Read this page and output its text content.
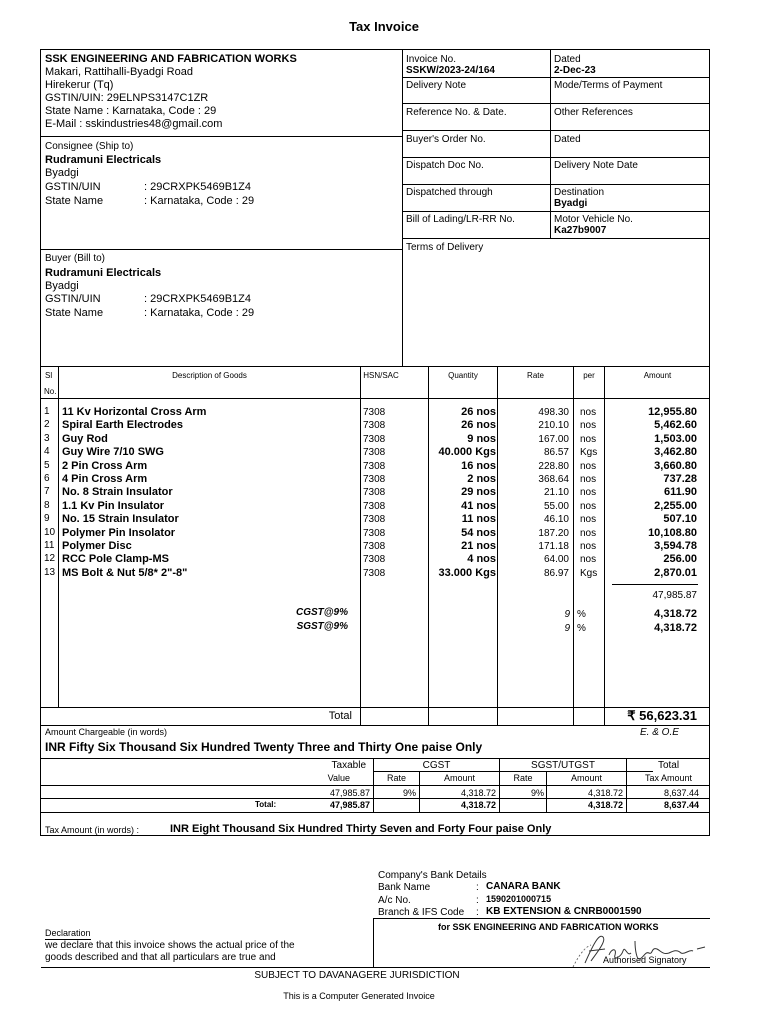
Tax Invoice
SSK ENGINEERING AND FABRICATION WORKS
Makari, Rattihalli-Byadgi Road
Hirekerur (Tq)
GSTIN/UIN: 29ELNPS3147C1ZR
State Name : Karnataka, Code : 29
E-Mail : sskindustries48@gmail.com
Consignee (Ship to)
Rudramuni Electricals
Byadgi
GSTIN/UIN	: 29CRXPK5469B1Z4
State Name	: Karnataka, Code : 29
Buyer (Bill to)
Rudramuni Electricals
Byadgi
GSTIN/UIN	: 29CRXPK5469B1Z4
State Name	: Karnataka, Code : 29
Invoice No.
SSKW/2023-24/164
Dated
2-Dec-23
Delivery Note	Mode/Terms of Payment
Reference No. & Date.	Other References
Buyer's Order No.	Dated
Dispatch Doc No.	Delivery Note Date
Dispatched through	Destination
Byadgi
Bill of Lading/LR-RR No.	Motor Vehicle No.
Ka27b9007
Terms of Delivery
Sl
No.
Description of Goods	HSN/SAC	Quantity	Rate	per	Amount
1 11 Kv Horizontal Cross Arm	7308	26 nos	498.30 nos	12,955.80
2 Spiral Earth Electrodes	7308	26 nos	210.10 nos	5,462.60
3 Guy Rod	7308	9 nos	167.00 nos	1,503.00
4 Guy Wire 7/10 SWG	7308	40.000 Kgs	86.57 Kgs	3,462.80
5 2 Pin Cross Arm	7308	16 nos	228.80 nos	3,660.80
6 4 Pin Cross Arm	7308	2 nos	368.64 nos	737.28
7 No. 8 Strain Insulator	7308	29 nos	21.10 nos	611.90
8 1.1 Kv Pin Insulator	7308	41 nos	55.00 nos	2,255.00
9 No. 15 Strain Insulator	7308	11 nos	46.10 nos	507.10
10 Polymer Pin Insolator	7308	54 nos	187.20 nos	10,108.80
11 Polymer Disc	7308	21 nos	171.18 nos	3,594.78
12 RCC Pole Clamp-MS	7308	4 nos	64.00 nos	256.00
13 MS Bolt & Nut 5/8* 2"-8"	7308	33.000 Kgs	86.97 Kgs	2,870.01
47,985.87
CGST@9%	9 %	4,318.72
SGST@9%	9 %	4,318.72
Total	₹ 56,623.31
Amount Chargeable (in words)	E. & O.E
INR Fifty Six Thousand Six Hundred Twenty Three and Thirty One paise Only
Taxable
Value
CGST	SGST/UTGST	Total
Rate	Amount	Rate	Amount	Tax Amount
47,985.87	9%	4,318.72	9%	4,318.72	8,637.44
Total:	47,985.87	4,318.72	4,318.72	8,637.44
Tax Amount (in words) :	INR Eight Thousand Six Hundred Thirty Seven and Forty Four paise Only
Company's Bank Details
Bank Name	: CANARA BANK
A/c No.	: 1590201000715
Branch & IFS Code : KB EXTENSION & CNRB0001590
for SSK ENGINEERING AND FABRICATION WORKS
Authorised Signatory
Declaration
we declare that this invoice shows the actual price of the
goods described and that all particulars are true and
SUBJECT TO DAVANAGERE JURISDICTION
This is a Computer Generated Invoice
